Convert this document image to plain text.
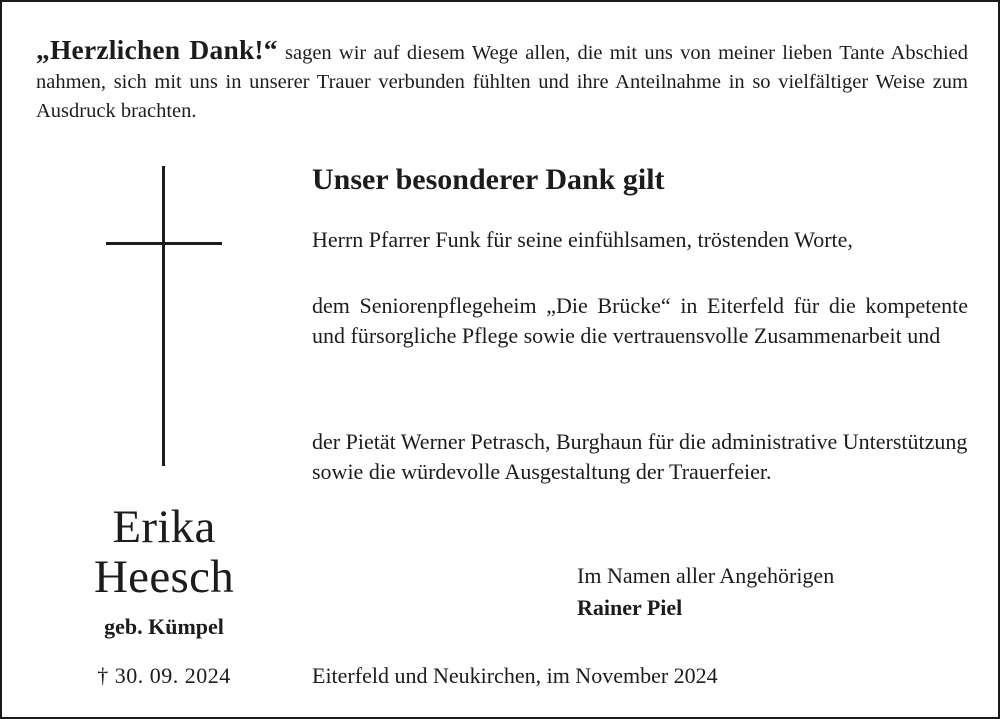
„Herzlichen Dank!“ sagen wir auf diesem Wege allen, die mit uns von meiner lieben Tante Abschied nahmen, sich mit uns in unserer Trauer verbunden fühlten und ihre Anteilnahme in so vielfältiger Weise zum Ausdruck brachten.
Erika
Heesch
geb. Kümpel
† 30. 09. 2024
Unser besonderer Dank gilt
Herrn Pfarrer Funk für seine einfühlsamen, tröstenden Worte,
dem Seniorenpflegeheim „Die Brücke“ in Eiterfeld für die kompetente und fürsorgliche Pflege sowie die vertrauensvolle Zusammenarbeit und
der Pietät Werner Petrasch, Burghaun für die administrative Unterstützung sowie die würdevolle Ausgestaltung der Trauerfeier.
Im Namen aller Angehörigen
Rainer Piel
Eiterfeld und Neukirchen, im November 2024
